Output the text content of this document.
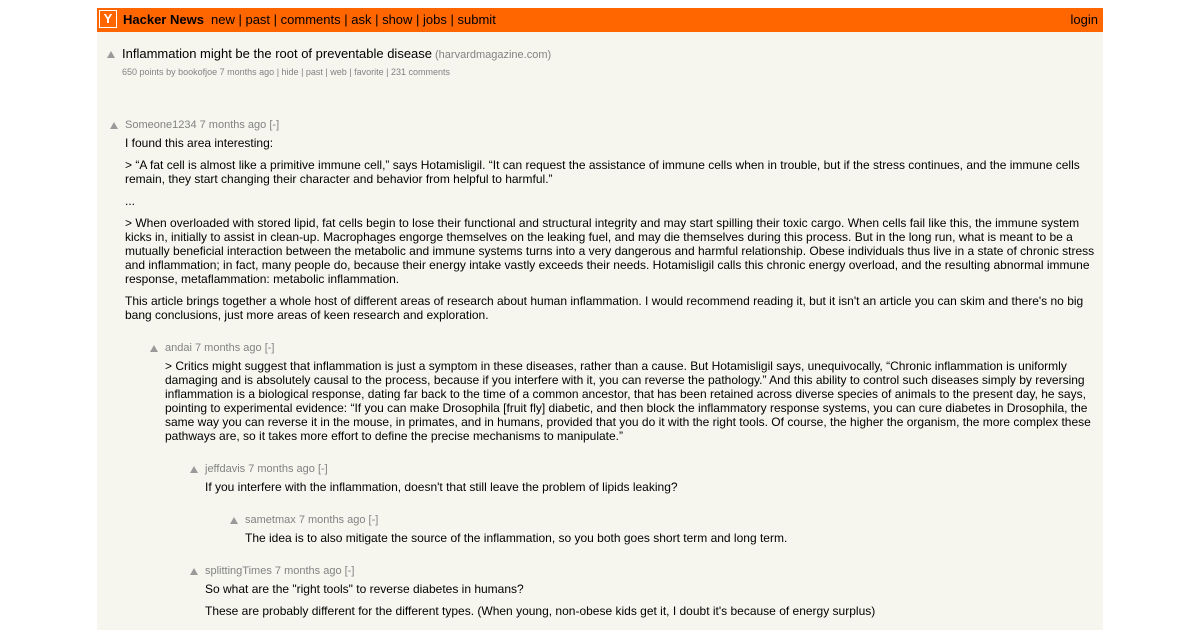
Y Hacker News new | past | comments | ask | show | jobs | submit	login
Inflammation might be the root of preventable disease (harvardmagazine.com)
650 points by bookofjoe 7 months ago | hide | past | web | favorite | 231 comments
Someone1234 7 months ago [-]

I found this area interesting:

> “A fat cell is almost like a primitive immune cell,” says Hotamisligil. “It can request the assistance of immune cells when in trouble, but if the stress continues, and the immune cells remain, they start changing their character and behavior from helpful to harmful.”

...

> When overloaded with stored lipid, fat cells begin to lose their functional and structural integrity and may start spilling their toxic cargo. When cells fail like this, the immune system kicks in, initially to assist in clean-up. Macrophages engorge themselves on the leaking fuel, and may die themselves during this process. But in the long run, what is meant to be a mutually beneficial interaction between the metabolic and immune systems turns into a very dangerous and harmful relationship. Obese individuals thus live in a state of chronic stress and inflammation; in fact, many people do, because their energy intake vastly exceeds their needs. Hotamisligil calls this chronic energy overload, and the resulting abnormal immune response, metaflammation: metabolic inflammation.

This article brings together a whole host of different areas of research about human inflammation. I would recommend reading it, but it isn't an article you can skim and there's no big bang conclusions, just more areas of keen research and exploration.

andai 7 months ago [-]

> Critics might suggest that inflammation is just a symptom in these diseases, rather than a cause. But Hotamisligil says, unequivocally, “Chronic inflammation is uniformly damaging and is absolutely causal to the process, because if you interfere with it, you can reverse the pathology.” And this ability to control such diseases simply by reversing inflammation is a biological response, dating far back to the time of a common ancestor, that has been retained across diverse species of animals to the present day, he says, pointing to experimental evidence: “If you can make Drosophila [fruit fly] diabetic, and then block the inflammatory response systems, you can cure diabetes in Drosophila, the same way you can reverse it in the mouse, in primates, and in humans, provided that you do it with the right tools. Of course, the higher the organism, the more complex these pathways are, so it takes more effort to define the precise mechanisms to manipulate.”

jeffdavis 7 months ago [-]

If you interfere with the inflammation, doesn't that still leave the problem of lipids leaking?

sametmax 7 months ago [-]

The idea is to also mitigate the source of the inflammation, so you both goes short term and long term.

splittingTimes 7 months ago [-]

So what are the "right tools" to reverse diabetes in humans?

These are probably different for the different types. (When young, non-obese kids get it, I doubt it's because of energy surplus)
